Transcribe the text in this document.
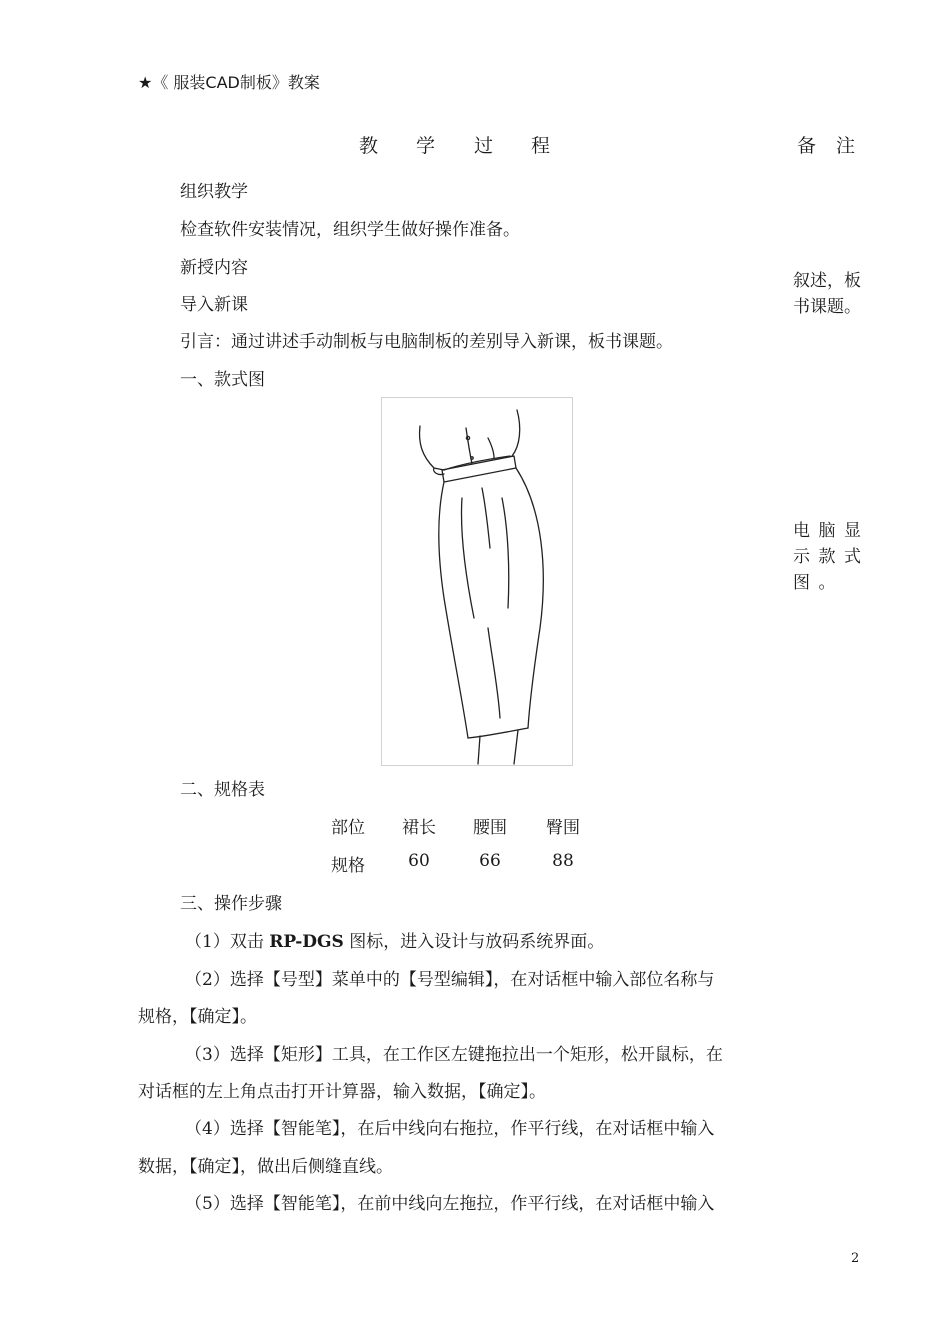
★《 服装CAD制板》教案
教 学 过 程	备 注
组织教学
检查软件安装情况，组织学生做好操作准备。
新授内容
导入新课
引言：通过讲述手动制板与电脑制板的差别导入新课，板书课题。
一、款式图
叙述，板书课题。
电脑显示款式图。
二、规格表
部位	裙长	腰围	臀围
规格	60	66	88
三、操作步骤
（1）双击 RP-DGS 图标，进入设计与放码系统界面。
（2）选择【号型】菜单中的【号型编辑】，在对话框中输入部位名称与
规格，【确定】。
（3）选择【矩形】工具，在工作区左键拖拉出一个矩形，松开鼠标，在
对话框的左上角点击打开计算器，输入数据，【确定】。
（4）选择【智能笔】，在后中线向右拖拉，作平行线，在对话框中输入
数据，【确定】，做出后侧缝直线。
（5）选择【智能笔】，在前中线向左拖拉，作平行线，在对话框中输入
2
